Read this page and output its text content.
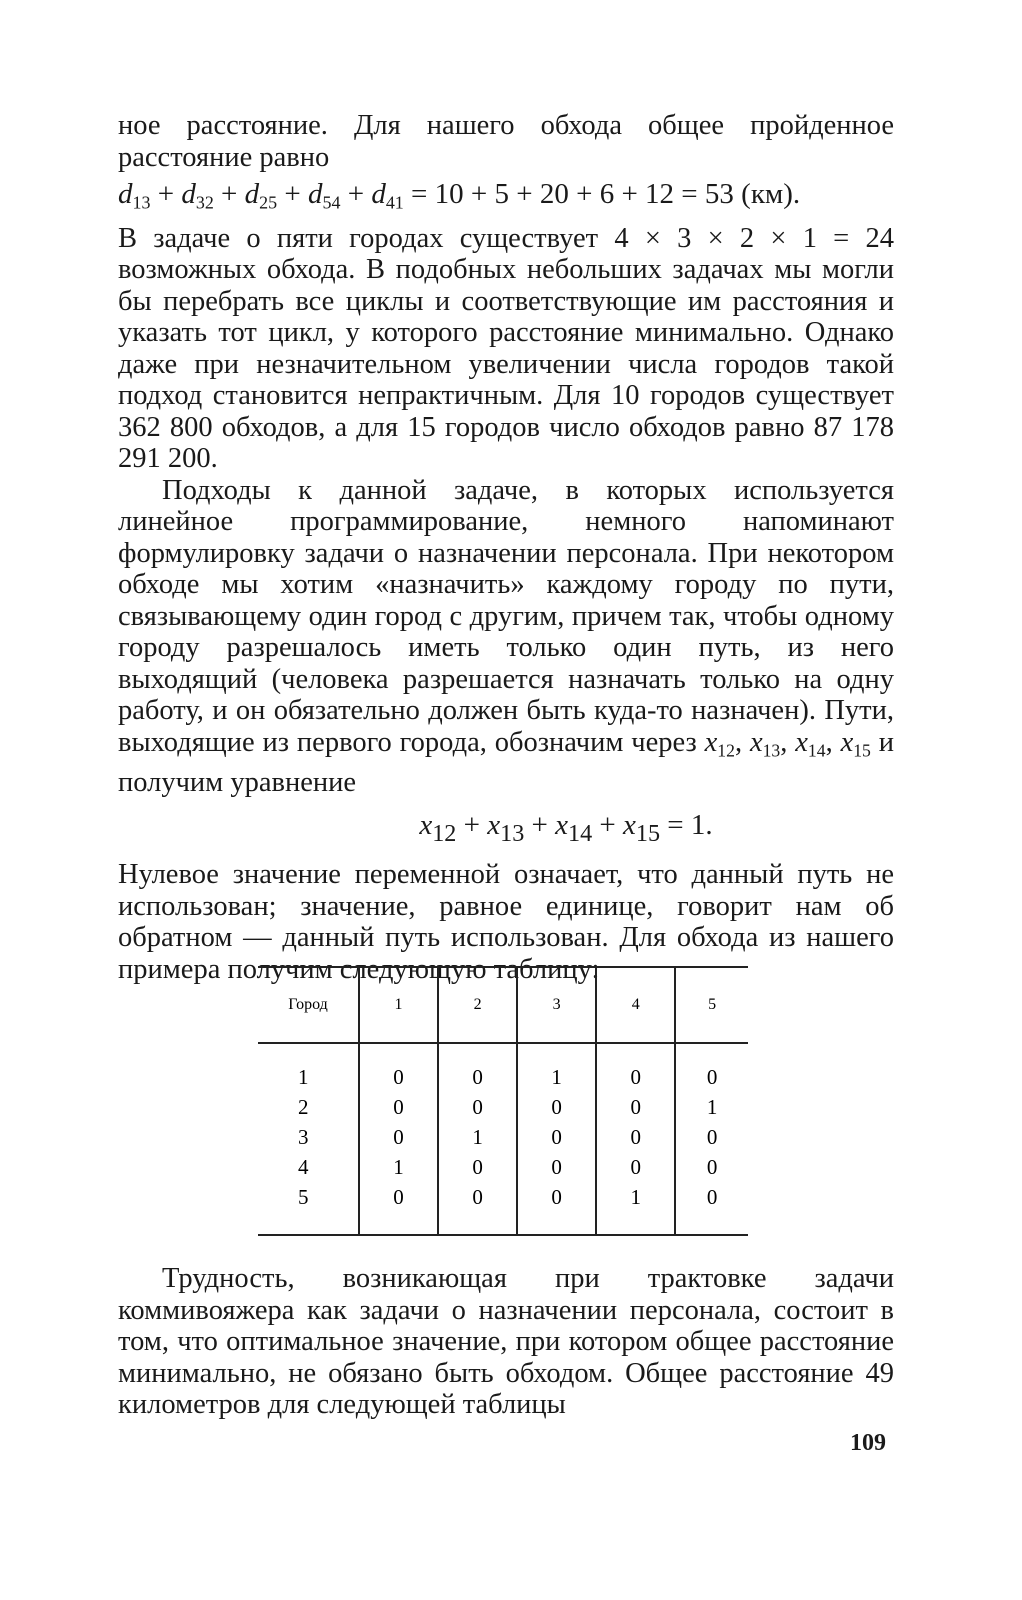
ное расстояние. Для нашего обхода общее пройденное расстояние равно

$d_{13} + d_{32} + d_{25} + d_{54} + d_{41} = 10 + 5 + 20 + 6 + 12 = 53$ (км).

В задаче о пяти городах существует 4 × 3 × 2 × 1 = 24 возможных обхода. В подобных небольших задачах мы могли бы перебрать все циклы и соответствующие им расстояния и указать тот цикл, у которого расстояние минимально. Однако даже при незначительном увеличении числа городов такой подход становится непрактичным. Для 10 городов существует 362 800 обходов, а для 15 городов число обходов равно 87 178 291 200.

Подходы к данной задаче, в которых используется линейное программирование, немного напоминают формулировку задачи о назначении персонала. При некотором обходе мы хотим «назначить» каждому городу по пути, связывающему один город с другим, причем так, чтобы одному городу разрешалось иметь только один путь, из него выходящий (человека разрешается назначать только на одну работу, и он обязательно должен быть куда-то назначен). Пути, выходящие из первого города, обозначим через $x_{12}$, $x_{13}$, $x_{14}$, $x_{15}$ и получим уравнение

$x_{12} + x_{13} + x_{14} + x_{15} = 1$.

Нулевое значение переменной означает, что данный путь не использован; значение, равное единице, говорит нам об обратном — данный путь использован. Для обхода из нашего примера получим следующую таблицу:

Город	1	2	3	4	5
1	0	0	1	0	0
2	0	0	0	0	1
3	0	1	0	0	0
4	1	0	0	0	0
5	0	0	0	1	0

Трудность, возникающая при трактовке задачи коммивояжера как задачи о назначении персонала, состоит в том, что оптимальное значение, при котором общее расстояние минимально, не обязано быть обходом. Общее расстояние 49 километров для следующей таблицы

109
